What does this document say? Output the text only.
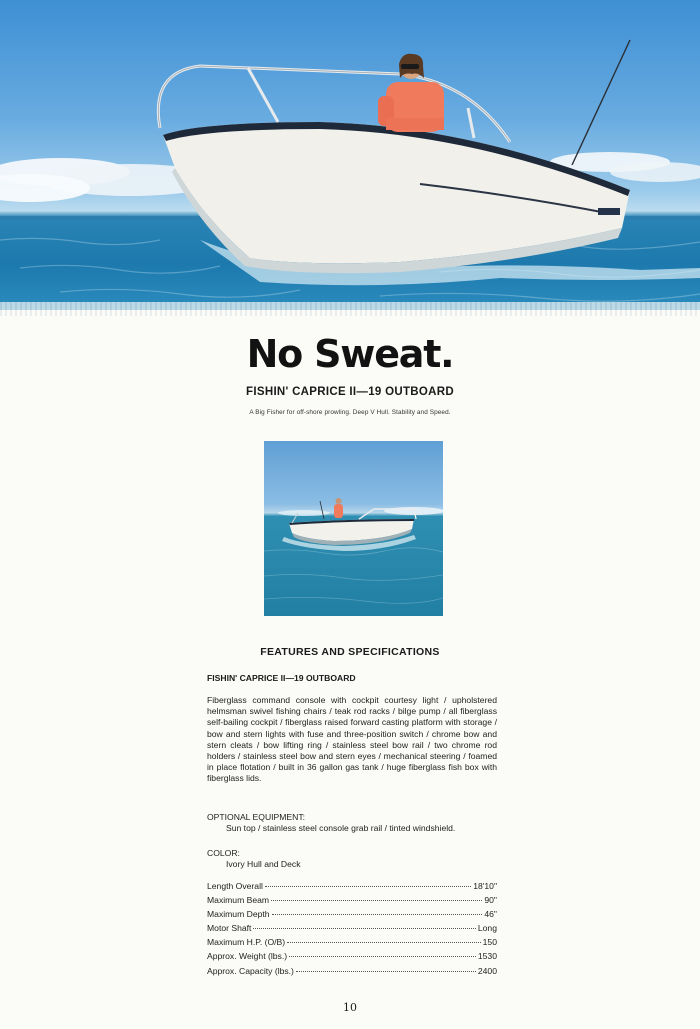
No Sweat.
FISHIN' CAPRICE II—19 OUTBOARD

A Big Fisher for off-shore prowling. Deep V Hull. Stability and Speed.

FEATURES AND SPECIFICATIONS
FISHIN' CAPRICE II—19 OUTBOARD

Fiberglass command console with cockpit courtesy light / upholstered helmsman swivel fishing chairs / teak rod racks / bilge pump / all fiberglass self-bailing cockpit / fiberglass raised forward casting platform with storage / bow and stern lights with fuse and three-position switch / chrome bow and stern cleats / bow lifting ring / stainless steel bow rail / two chrome rod holders / stainless steel bow and stern eyes / mechanical steering / foamed in place flotation / built in 36 gallon gas tank / huge fiberglass fish box with fiberglass lids.

OPTIONAL EQUIPMENT:

Sun top / stainless steel console grab rail / tinted windshield.

COLOR:

Ivory Hull and Deck

Length Overall	18'10"
Maximum Beam	90"
Maximum Depth	46"
Motor Shaft	Long
Maximum H.P. (O/B)	150
Approx. Weight (lbs.)	1530
Approx. Capacity (lbs.)	2400

10
